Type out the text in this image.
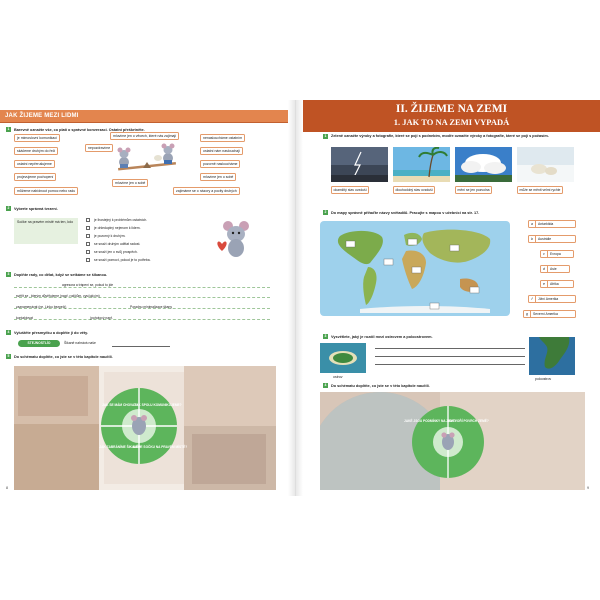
JAK ŽIJEME MEZI LIDMI
1	Barevně označte vše, co platí o správné konverzaci. Ostatní přeškrtněte.
je mimoslovní komunikací	mluvíme jen o věcech, které nás zajímají	nenasloucháme ostatním
skáčeme druhým do řeči
nepozdravíme
ostatní nám naslouchají
ostatní nepřerušujeme	pozorně nasloucháme
projevujeme pochopení
mluvíme jen o sobě
mluvíme jen o sobě
můžeme nabídnout pomoc nebo radu	zajímáme se o názory a pocity druhých
2	Vyberte správná tvrzení.
Sočke na pravém místě má ten, kdo	je lhostejný k problémům ostatních.
je ohleduplný nejenom k lidem.
je pozorný k druhým.
se snaží druhým udělat radost.
se snaží jen o svůj prospěch.
se snaží pomoct, pokud je to potřeba.
3	Doplňte rady, co dělat, když se setkáme se šikanou.
agresora a trápení se, pokud to jde
svěřit se , kterým důvěřujeme (např. rodičům, vyučujícím)
zaznamenávat (ne. Linku bezpečí)	Poradnu minimalizace škany
kontaktovat	(pohotový např.
4	Vyluštěte přesmyčku a doplňte ji do věty.
STEJNOSTLÍO	Šikaně nahrává naše
5	Do schématu doplňte, co jste se v této kapitole naučili.
JAK SE MÁM CHOVAT?
JAK SPOLU KOMUNIKUJEME?
JAK ZABRÁNÍME ŠIKANĚ?
MÁME SOČKU NA PRAVÉM MÍSTĚ?
8
II. ŽIJEME NA ZEMI
1. JAK TO NA ZEMI VYPADÁ
1	Zeleně označte výroky a fotografie, které se pojí s podnebím, modře označte výroky a fotografie, které se pojí s počasím.
okamžitý stav ovzduší	dlouhodobý stav ovzduší	mění se jen pozvolna	může se měnit velmi rychle
2	Do mapy správně přiřaďte názvy světadílů. Pracujte s mapou v učebnici na str. 17.
a	Antarktida
b	Austrálie
c	Evropa
d	Asie
e	Afrika
f	Jižní Amerika
g	Severní Amerika
3	Vysvětlete, jaký je rozdíl mezi ostrovem a poloostrovem.
ostrov	poloostrov
4	Do schématu doplňte, co jste se v této kapitole naučili.
JAKÉ JSOU PODMÍNKY NA ZEMI?
CO TVOŘÍ POVRCH ZEMĚ?
9
